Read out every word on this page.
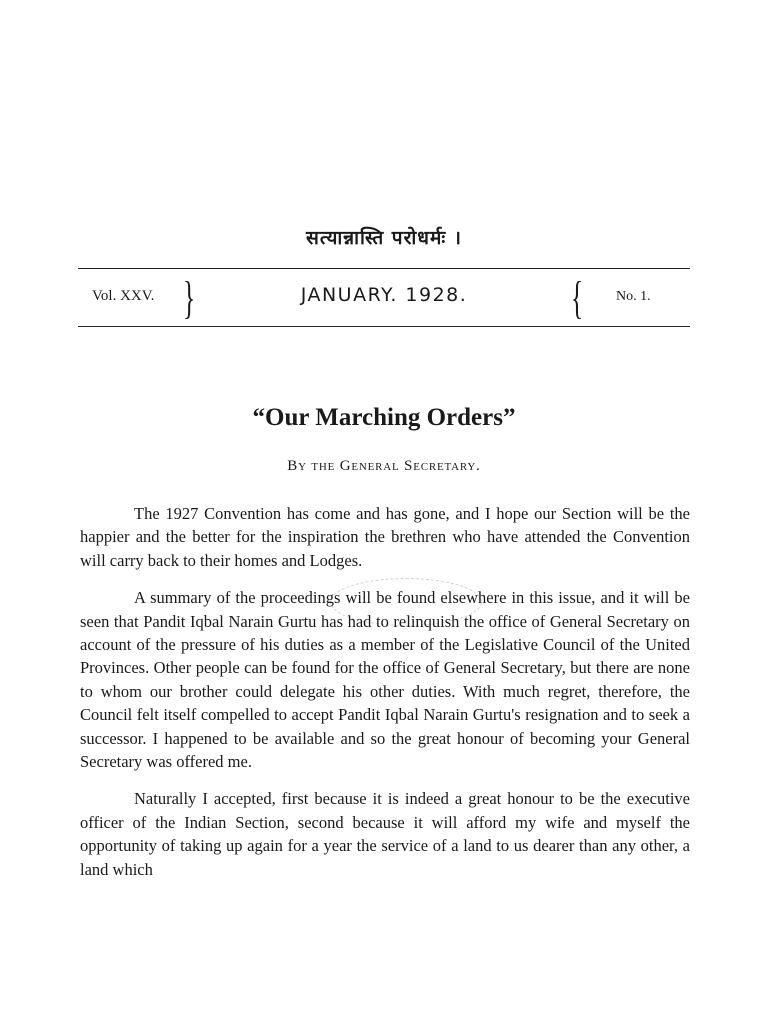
सत्यान्नास्ति परोधर्मः ।
Vol. XXV. }	JANUARY. 1928.	{ No. 1.
“Our Marching Orders”
By the General Secretary.

The 1927 Convention has come and has gone, and I hope our Section will be the happier and the better for the inspiration the brethren who have attended the Convention will carry back to their homes and Lodges.

A summary of the proceedings will be found elsewhere in this issue, and it will be seen that Pandit Iqbal Narain Gurtu has had to relinquish the office of General Secretary on account of the pressure of his duties as a member of the Legislative Council of the United Provinces. Other people can be found for the office of General Secretary, but there are none to whom our brother could delegate his other duties. With much regret, therefore, the Council felt itself compelled to accept Pandit Iqbal Narain Gurtu's resignation and to seek a successor. I happened to be available and so the great honour of becoming your General Secretary was offered me.

Naturally I accepted, first because it is indeed a great honour to be the executive officer of the Indian Section, second because it will afford my wife and myself the opportunity of taking up again for a year the service of a land to us dearer than any other, a land which
